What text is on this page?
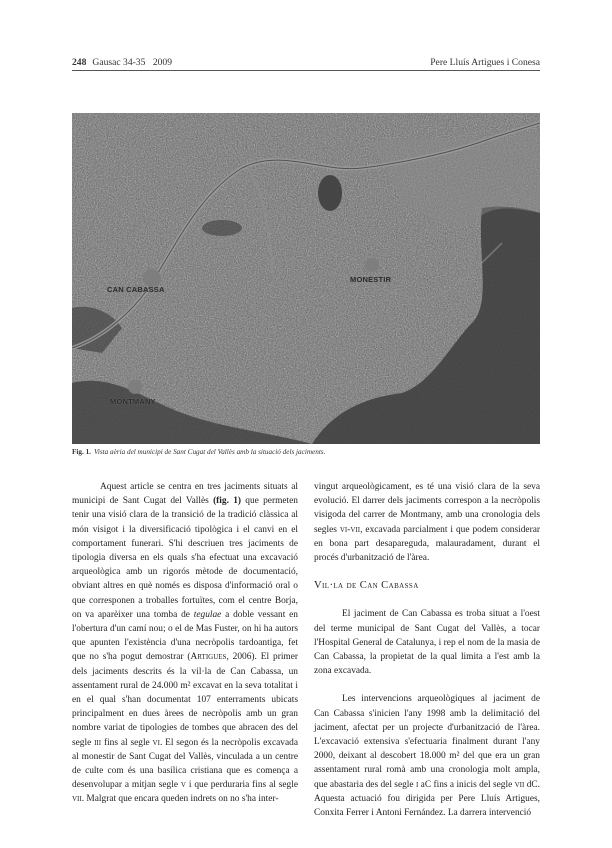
248 Gausac 34-35 2009	Pere Lluís Artigues i Conesa
CAN CABASSA
MONESTIR
MONTMANY
Fig. 1. Vista aèria del municipi de Sant Cugat del Vallès amb la situació dels jaciments.

Aquest article se centra en tres jaciments situats al municipi de Sant Cugat del Vallès (fig. 1) que permeten tenir una visió clara de la transició de la tradició clàssica al món visigot i la diversificació tipològica i el canvi en el comportament funerari. S'hi descriuen tres jaciments de tipologia diversa en els quals s'ha efectuat una excavació arqueològica amb un rigorós mètode de documentació, obviant altres en què només es disposa d'informació oral o que corresponen a troballes fortuïtes, com el centre Borja, on va aparèixer una tomba de tegulae a doble vessant en l'obertura d'un camí nou; o el de Mas Fuster, on hi ha autors que apunten l'existència d'una necròpolis tardoantiga, fet que no s'ha pogut demostrar (Artigues, 2006). El primer dels jaciments descrits és la vil·la de Can Cabassa, un assentament rural de 24.000 m² excavat en la seva totalitat i en el qual s'han documentat 107 enterraments ubicats principalment en dues àrees de necròpolis amb un gran nombre variat de tipologies de tombes que abracen des del segle iii fins al segle vi. El segon és la necròpolis excavada al monestir de Sant Cugat del Vallès, vinculada a un centre de culte com és una basílica cristiana que es comença a desenvolupar a mitjan segle v i que perduraria fins al segle vii. Malgrat que encara queden indrets on no s'ha inter-

vingut arqueològicament, es té una visió clara de la seva evolució. El darrer dels jaciments correspon a la necròpolis visigoda del carrer de Montmany, amb una cronologia dels segles vi-vii, excavada parcialment i que podem considerar en bona part desapareguda, malauradament, durant el procés d'urbanització de l'àrea.

Vil·la de Can Cabassa

El jaciment de Can Cabassa es troba situat a l'oest del terme municipal de Sant Cugat del Vallès, a tocar l'Hospital General de Catalunya, i rep el nom de la masia de Can Cabassa, la propietat de la qual limita a l'est amb la zona excavada.

Les intervencions arqueològiques al jaciment de Can Cabassa s'inicien l'any 1998 amb la delimitació del jaciment, afectat per un projecte d'urbanització de l'àrea. L'excavació extensiva s'efectuaria finalment durant l'any 2000, deixant al descobert 18.000 m² del que era un gran assentament rural romà amb una cronologia molt ampla, que abastaria des del segle i aC fins a inicis del segle vii dC. Aquesta actuació fou dirigida per Pere Lluís Artigues, Conxita Ferrer i Antoni Fernández. La darrera intervenció
